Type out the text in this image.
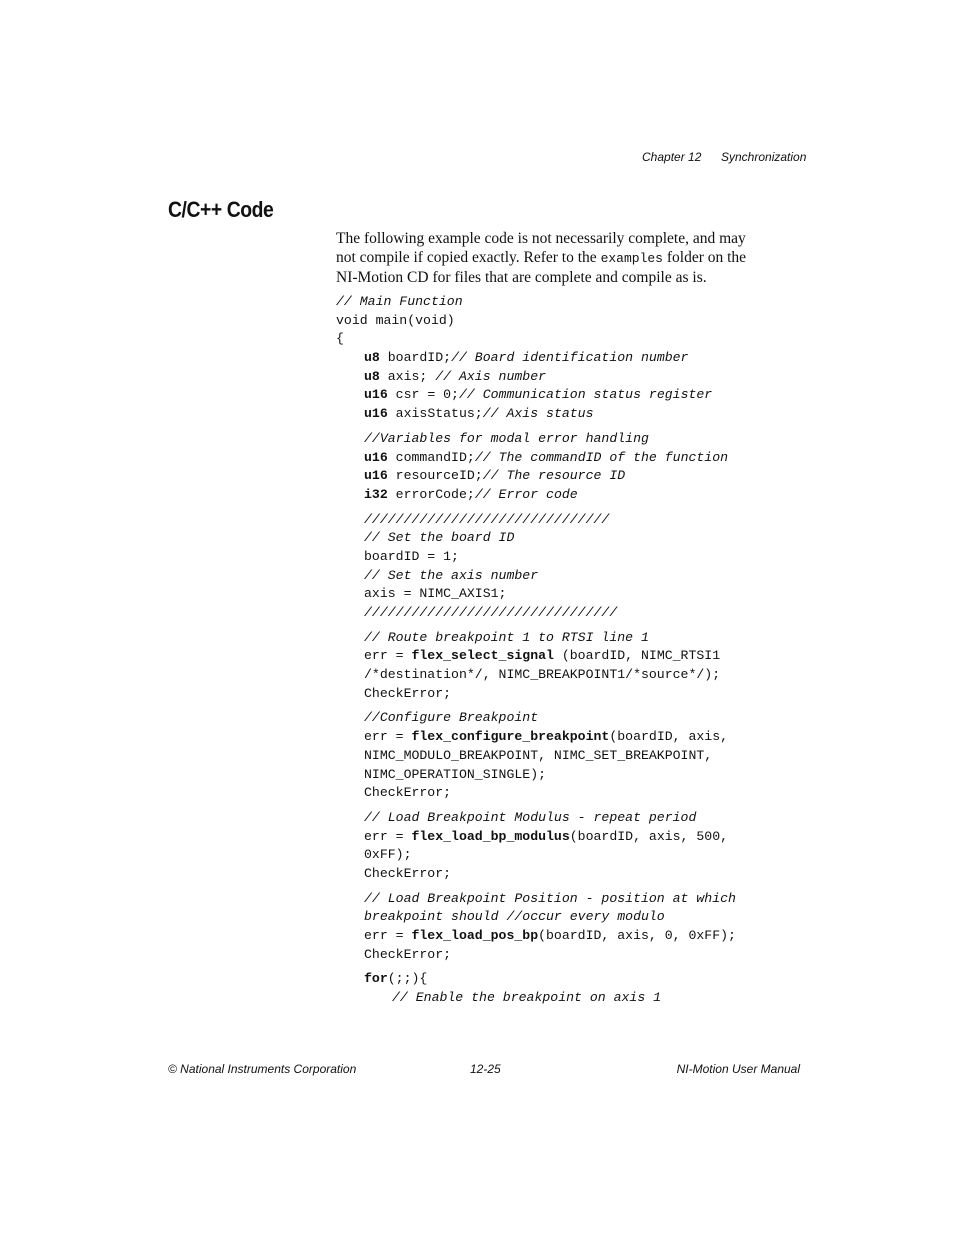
Chapter 12 Synchronization
C/C++ Code

The following example code is not necessarily complete, and may not compile if copied exactly. Refer to the examples folder on the NI-Motion CD for files that are complete and compile as is.

// Main Function
void main(void)
{
u8 boardID;// Board identification number
u8 axis; // Axis number
u16 csr = 0;// Communication status register
u16 axisStatus;// Axis status
//Variables for modal error handling
u16 commandID;// The commandID of the function
u16 resourceID;// The resource ID
i32 errorCode;// Error code
///////////////////////////////
// Set the board ID
boardID = 1;
// Set the axis number
axis = NIMC_AXIS1;
////////////////////////////////
// Route breakpoint 1 to RTSI line 1
err = flex_select_signal (boardID, NIMC_RTSI1
/*destination*/, NIMC_BREAKPOINT1/*source*/);
CheckError;
//Configure Breakpoint
err = flex_configure_breakpoint(boardID, axis,
NIMC_MODULO_BREAKPOINT, NIMC_SET_BREAKPOINT,
NIMC_OPERATION_SINGLE);
CheckError;
// Load Breakpoint Modulus - repeat period
err = flex_load_bp_modulus(boardID, axis, 500,
0xFF);
CheckError;
// Load Breakpoint Position - position at which
breakpoint should //occur every modulo
err = flex_load_pos_bp(boardID, axis, 0, 0xFF);
CheckError;
for(;;){
// Enable the breakpoint on axis 1
© National Instruments Corporation	12-25	NI-Motion User Manual
